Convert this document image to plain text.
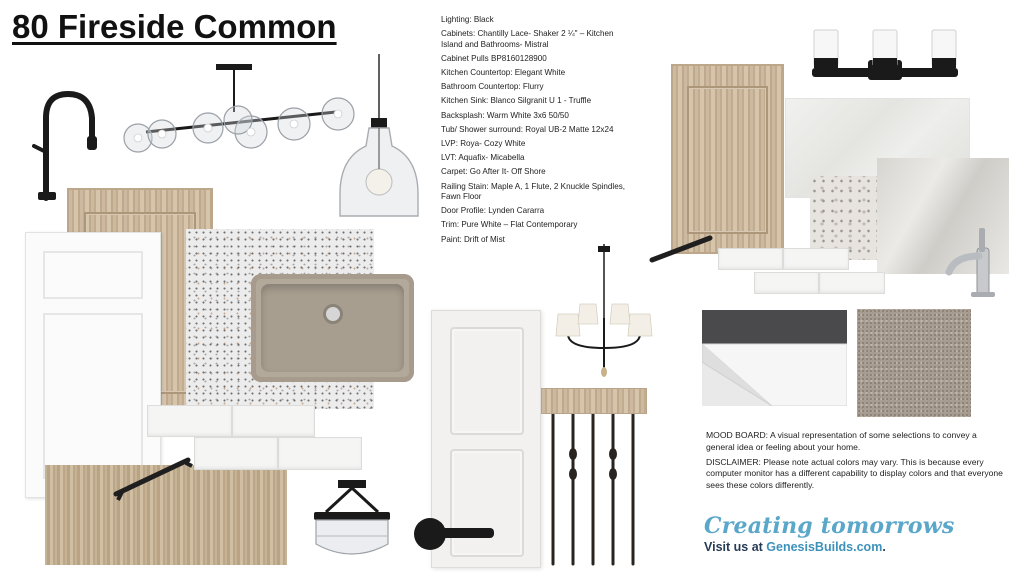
80 Fireside Common	Lighting: Black
Cabinets: Chantilly Lace- Shaker 2 ¼" – Kitchen Island and Bathrooms- Mistral
Cabinet Pulls BP8160128900
Kitchen Countertop: Elegant White
Bathroom Countertop: Flurry
Kitchen Sink: Blanco Silgranit U 1 - Truffle
Backsplash: Warm White 3x6 50/50
Tub/ Shower surround: Royal UB-2 Matte 12x24
LVP: Roya- Cozy White
LVT: Aquafix- Micabella
Carpet: Go After It- Off Shore
Railing Stain: Maple A, 1 Flute, 2 Knuckle Spindles, Fawn Floor
Door Profile: Lynden Cararra
Trim: Pure White – Flat Contemporary
Paint: Drift of Mist

MOOD BOARD: A visual representation of some selections to convey a general idea or feeling about your home.

DISCLAIMER: Please note actual colors may vary. This is because every computer monitor has a different capability to display colors and that everyone sees these colors differently.

Creating tomorrows
Visit us at GenesisBuilds.com.
